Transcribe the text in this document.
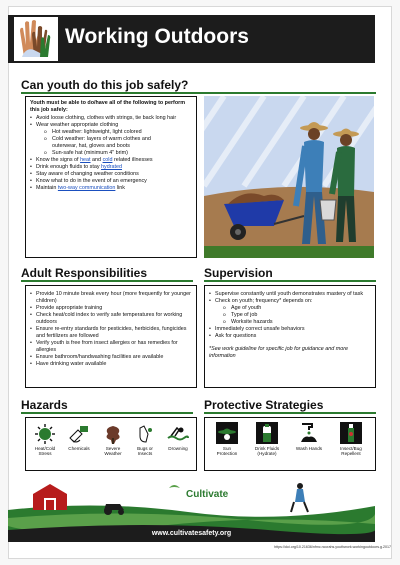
Working Outdoors
Can youth do this job safely?
Youth must be able to do/have all of the following to perform this job safely:
• Avoid loose clothing, clothes with strings, tie back long hair
• Wear weather appropriate clothing
o Hot weather: lightweight, light colored
o Cold weather: layers of warm clothes and
outerwear, hat, gloves and boots
o Sun-safe hat (minimum 4" brim)
• Know the signs of heat and cold related illnesses
• Drink enough fluids to stay hydrated
• Stay aware of changing weather conditions
• Know what to do in the event of an emergency
• Maintain two-way communication link
Adult Responsibilities
• Provide 10 minute break every hour (more frequently for younger children)
• Provide appropriate training
• Check heat/cold index to verify safe temperatures for working outdoors
• Ensure re-entry standards for pesticides, herbicides, fungicides and fertilizers are followed
• Verify youth is free from insect allergies or has remedies for allergies
• Ensure bathroom/handwashing facilities are available
• Have drinking water available
Supervision
• Supervise constantly until youth demonstrates mastery of task
• Check on youth; frequency* depends on:
o Age of youth
o Type of job
o Worksite hazards
• Immediately correct unsafe behaviors
• Ask for questions
*See work guideline for specific job for guidance and more information
Hazards
Heat/Cold
Stress
Chemicals	Severe
Weather
Bugs or
Insects
Drowning
Protective Strategies
Sun
Protection
Drink Fluids
(Hydrate)
Wash Hands	Insect/Bug
Repellent
Cultivate
SAFETY
www.cultivatesafety.org
https://doi.org/10.21636/nfmc.nccrahs.youthwork.workingoutdoors.g.2017
